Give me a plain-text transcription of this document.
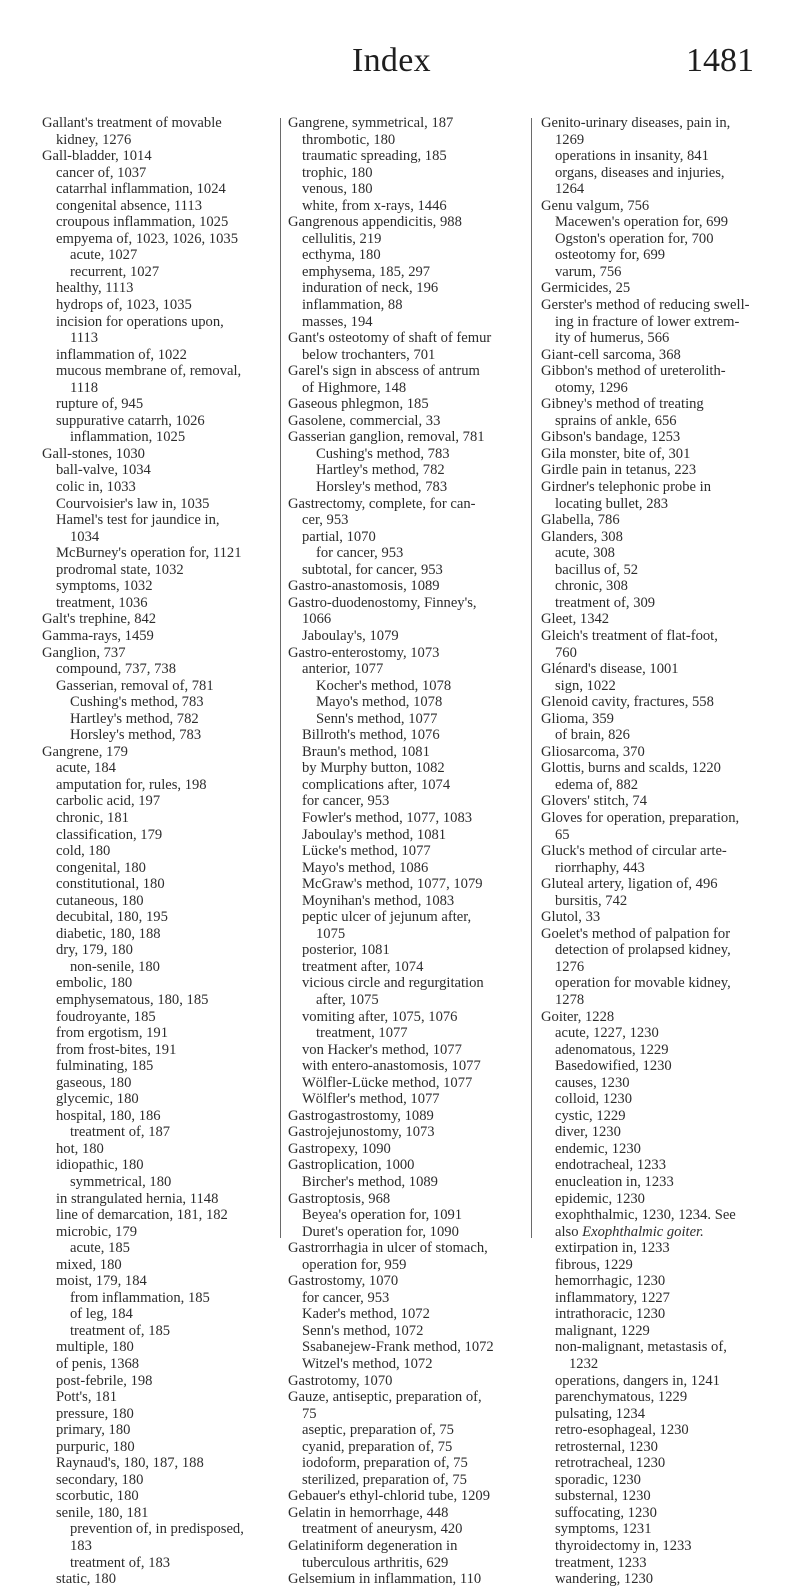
Index	1481
Gallant's treatment of movable
kidney, 1276
Gall-bladder, 1014
cancer of, 1037
catarrhal inflammation, 1024
congenital absence, 1113
croupous inflammation, 1025
empyema of, 1023, 1026, 1035
acute, 1027
recurrent, 1027
healthy, 1113
hydrops of, 1023, 1035
incision for operations upon,
1113
inflammation of, 1022
mucous membrane of, removal,
1118
rupture of, 945
suppurative catarrh, 1026
inflammation, 1025
Gall-stones, 1030
ball-valve, 1034
colic in, 1033
Courvoisier's law in, 1035
Hamel's test for jaundice in,
1034
McBurney's operation for, 1121
prodromal state, 1032
symptoms, 1032
treatment, 1036
Galt's trephine, 842
Gamma-rays, 1459
Ganglion, 737
compound, 737, 738
Gasserian, removal of, 781
Cushing's method, 783
Hartley's method, 782
Horsley's method, 783
Gangrene, 179
acute, 184
amputation for, rules, 198
carbolic acid, 197
chronic, 181
classification, 179
cold, 180
congenital, 180
constitutional, 180
cutaneous, 180
decubital, 180, 195
diabetic, 180, 188
dry, 179, 180
non-senile, 180
embolic, 180
emphysematous, 180, 185
foudroyante, 185
from ergotism, 191
from frost-bites, 191
fulminating, 185
gaseous, 180
glycemic, 180
hospital, 180, 186
treatment of, 187
hot, 180
idiopathic, 180
symmetrical, 180
in strangulated hernia, 1148
line of demarcation, 181, 182
microbic, 179
acute, 185
mixed, 180
moist, 179, 184
from inflammation, 185
of leg, 184
treatment of, 185
multiple, 180
of penis, 1368
post-febrile, 198
Pott's, 181
pressure, 180
primary, 180
purpuric, 180
Raynaud's, 180, 187, 188
secondary, 180
scorbutic, 180
senile, 180, 181
prevention of, in predisposed,
183
treatment of, 183
static, 180
Gangrene, symmetrical, 187
thrombotic, 180
traumatic spreading, 185
trophic, 180
venous, 180
white, from x-rays, 1446
Gangrenous appendicitis, 988
cellulitis, 219
ecthyma, 180
emphysema, 185, 297
induration of neck, 196
inflammation, 88
masses, 194
Gant's osteotomy of shaft of femur
below trochanters, 701
Garel's sign in abscess of antrum
of Highmore, 148
Gaseous phlegmon, 185
Gasolene, commercial, 33
Gasserian ganglion, removal, 781
Cushing's method, 783
Hartley's method, 782
Horsley's method, 783
Gastrectomy, complete, for can-
cer, 953
partial, 1070
for cancer, 953
subtotal, for cancer, 953
Gastro-anastomosis, 1089
Gastro-duodenostomy, Finney's,
1066
Jaboulay's, 1079
Gastro-enterostomy, 1073
anterior, 1077
Kocher's method, 1078
Mayo's method, 1078
Senn's method, 1077
Billroth's method, 1076
Braun's method, 1081
by Murphy button, 1082
complications after, 1074
for cancer, 953
Fowler's method, 1077, 1083
Jaboulay's method, 1081
Lücke's method, 1077
Mayo's method, 1086
McGraw's method, 1077, 1079
Moynihan's method, 1083
peptic ulcer of jejunum after,
1075
posterior, 1081
treatment after, 1074
vicious circle and regurgitation
after, 1075
vomiting after, 1075, 1076
treatment, 1077
von Hacker's method, 1077
with entero-anastomosis, 1077
Wölfler-Lücke method, 1077
Wölfler's method, 1077
Gastrogastrostomy, 1089
Gastrojejunostomy, 1073
Gastropexy, 1090
Gastroplication, 1000
Bircher's method, 1089
Gastroptosis, 968
Beyea's operation for, 1091
Duret's operation for, 1090
Gastrorrhagia in ulcer of stomach,
operation for, 959
Gastrostomy, 1070
for cancer, 953
Kader's method, 1072
Senn's method, 1072
Ssabanejew-Frank method, 1072
Witzel's method, 1072
Gastrotomy, 1070
Gauze, antiseptic, preparation of,
75
aseptic, preparation of, 75
cyanid, preparation of, 75
iodoform, preparation of, 75
sterilized, preparation of, 75
Gebauer's ethyl-chlorid tube, 1209
Gelatin in hemorrhage, 448
treatment of aneurysm, 420
Gelatiniform degeneration in
tuberculous arthritis, 629
Gelsemium in inflammation, 110
Genito-urinary diseases, pain in,
1269
operations in insanity, 841
organs, diseases and injuries,
1264
Genu valgum, 756
Macewen's operation for, 699
Ogston's operation for, 700
osteotomy for, 699
varum, 756
Germicides, 25
Gerster's method of reducing swell-
ing in fracture of lower extrem-
ity of humerus, 566
Giant-cell sarcoma, 368
Gibbon's method of ureterolith-
otomy, 1296
Gibney's method of treating
sprains of ankle, 656
Gibson's bandage, 1253
Gila monster, bite of, 301
Girdle pain in tetanus, 223
Girdner's telephonic probe in
locating bullet, 283
Glabella, 786
Glanders, 308
acute, 308
bacillus of, 52
chronic, 308
treatment of, 309
Gleet, 1342
Gleich's treatment of flat-foot,
760
Glénard's disease, 1001
sign, 1022
Glenoid cavity, fractures, 558
Glioma, 359
of brain, 826
Gliosarcoma, 370
Glottis, burns and scalds, 1220
edema of, 882
Glovers' stitch, 74
Gloves for operation, preparation,
65
Gluck's method of circular arte-
riorrhaphy, 443
Gluteal artery, ligation of, 496
bursitis, 742
Glutol, 33
Goelet's method of palpation for
detection of prolapsed kidney,
1276
operation for movable kidney,
1278
Goiter, 1228
acute, 1227, 1230
adenomatous, 1229
Basedowified, 1230
causes, 1230
colloid, 1230
cystic, 1229
diver, 1230
endemic, 1230
endotracheal, 1233
enucleation in, 1233
epidemic, 1230
exophthalmic, 1230, 1234. See
also Exophthalmic goiter.
extirpation in, 1233
fibrous, 1229
hemorrhagic, 1230
inflammatory, 1227
intrathoracic, 1230
malignant, 1229
non-malignant, metastasis of,
1232
operations, dangers in, 1241
parenchymatous, 1229
pulsating, 1234
retro-esophageal, 1230
retrosternal, 1230
retrotracheal, 1230
sporadic, 1230
substernal, 1230
suffocating, 1230
symptoms, 1231
thyroidectomy in, 1233
treatment, 1233
wandering, 1230
